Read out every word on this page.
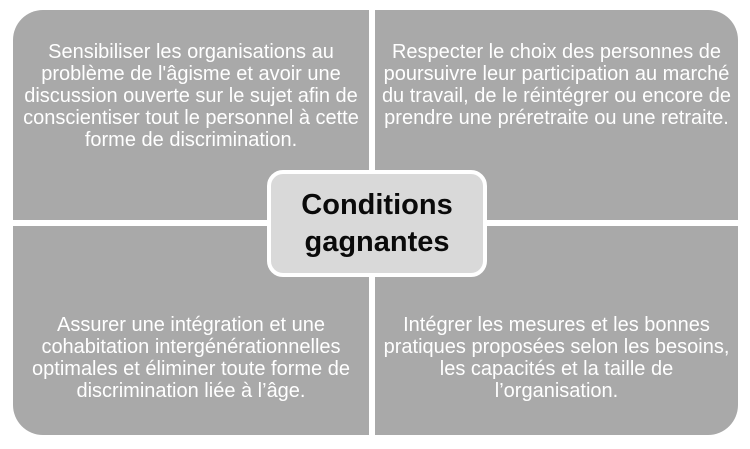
Sensibiliser les organisations au problème de l'âgisme et avoir une discussion ouverte sur le sujet afin de conscientiser tout le personnel à cette forme de discrimination.

Respecter le choix des personnes de poursuivre leur participation au marché du travail, de le réintégrer ou encore de prendre une préretraite ou une retraite.

Assurer une intégration et une cohabitation intergénérationnelles optimales et éliminer toute forme de discrimination liée à l’âge.

Intégrer les mesures et les bonnes pratiques proposées selon les besoins, les capacités et la taille de l’organisation.

Conditions gagnantes
